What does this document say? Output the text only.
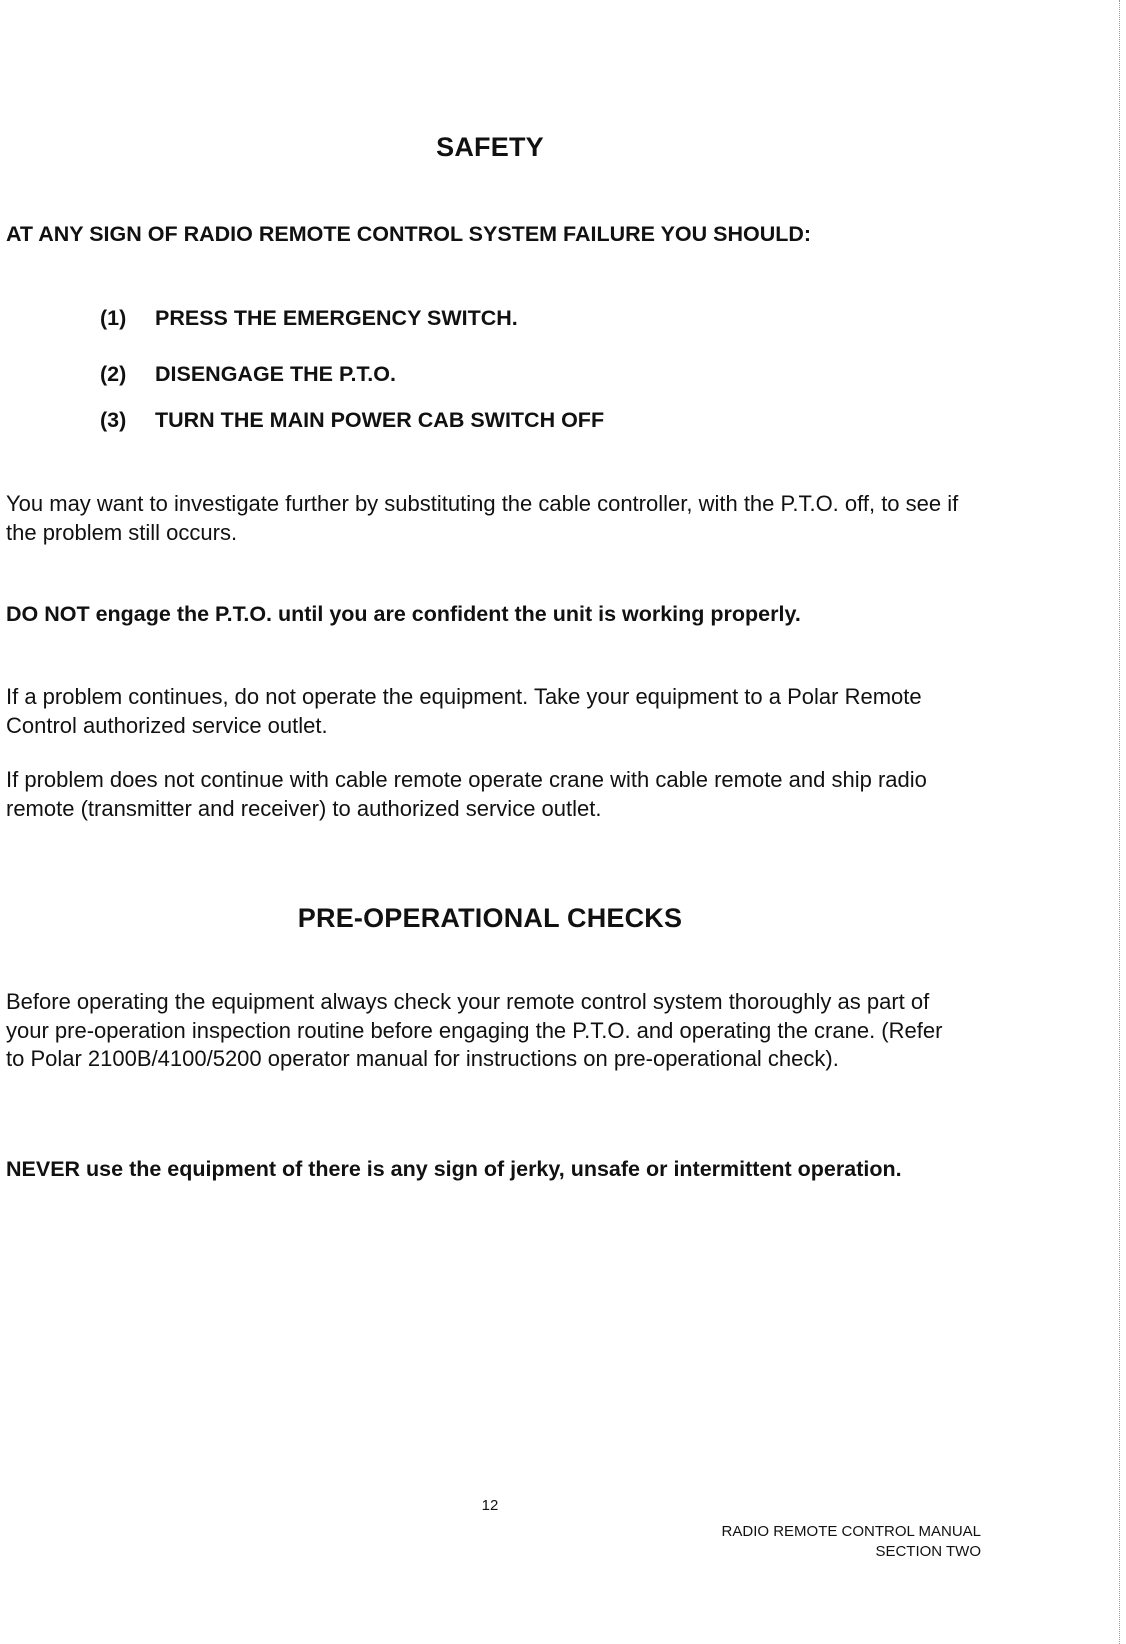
SAFETY
AT ANY SIGN OF RADIO REMOTE CONTROL SYSTEM FAILURE YOU SHOULD:
(1) PRESS THE EMERGENCY SWITCH.
(2) DISENGAGE THE P.T.O.
(3) TURN THE MAIN POWER CAB SWITCH OFF
You may want to investigate further by substituting the cable controller, with the P.T.O. off, to see if the problem still occurs.
DO NOT engage the P.T.O. until you are confident the unit is working properly.
If a problem continues, do not operate the equipment. Take your equipment to a Polar Remote Control authorized service outlet.
If problem does not continue with cable remote operate crane with cable remote and ship radio remote (transmitter and receiver) to authorized service outlet.
PRE-OPERATIONAL CHECKS
Before operating the equipment always check your remote control system thoroughly as part of your pre-operation inspection routine before engaging the P.T.O. and operating the crane. (Refer to Polar 2100B/4100/5200 operator manual for instructions on pre-operational check).
NEVER use the equipment of there is any sign of jerky, unsafe or intermittent operation.
12
RADIO REMOTE CONTROL MANUAL
SECTION TWO
